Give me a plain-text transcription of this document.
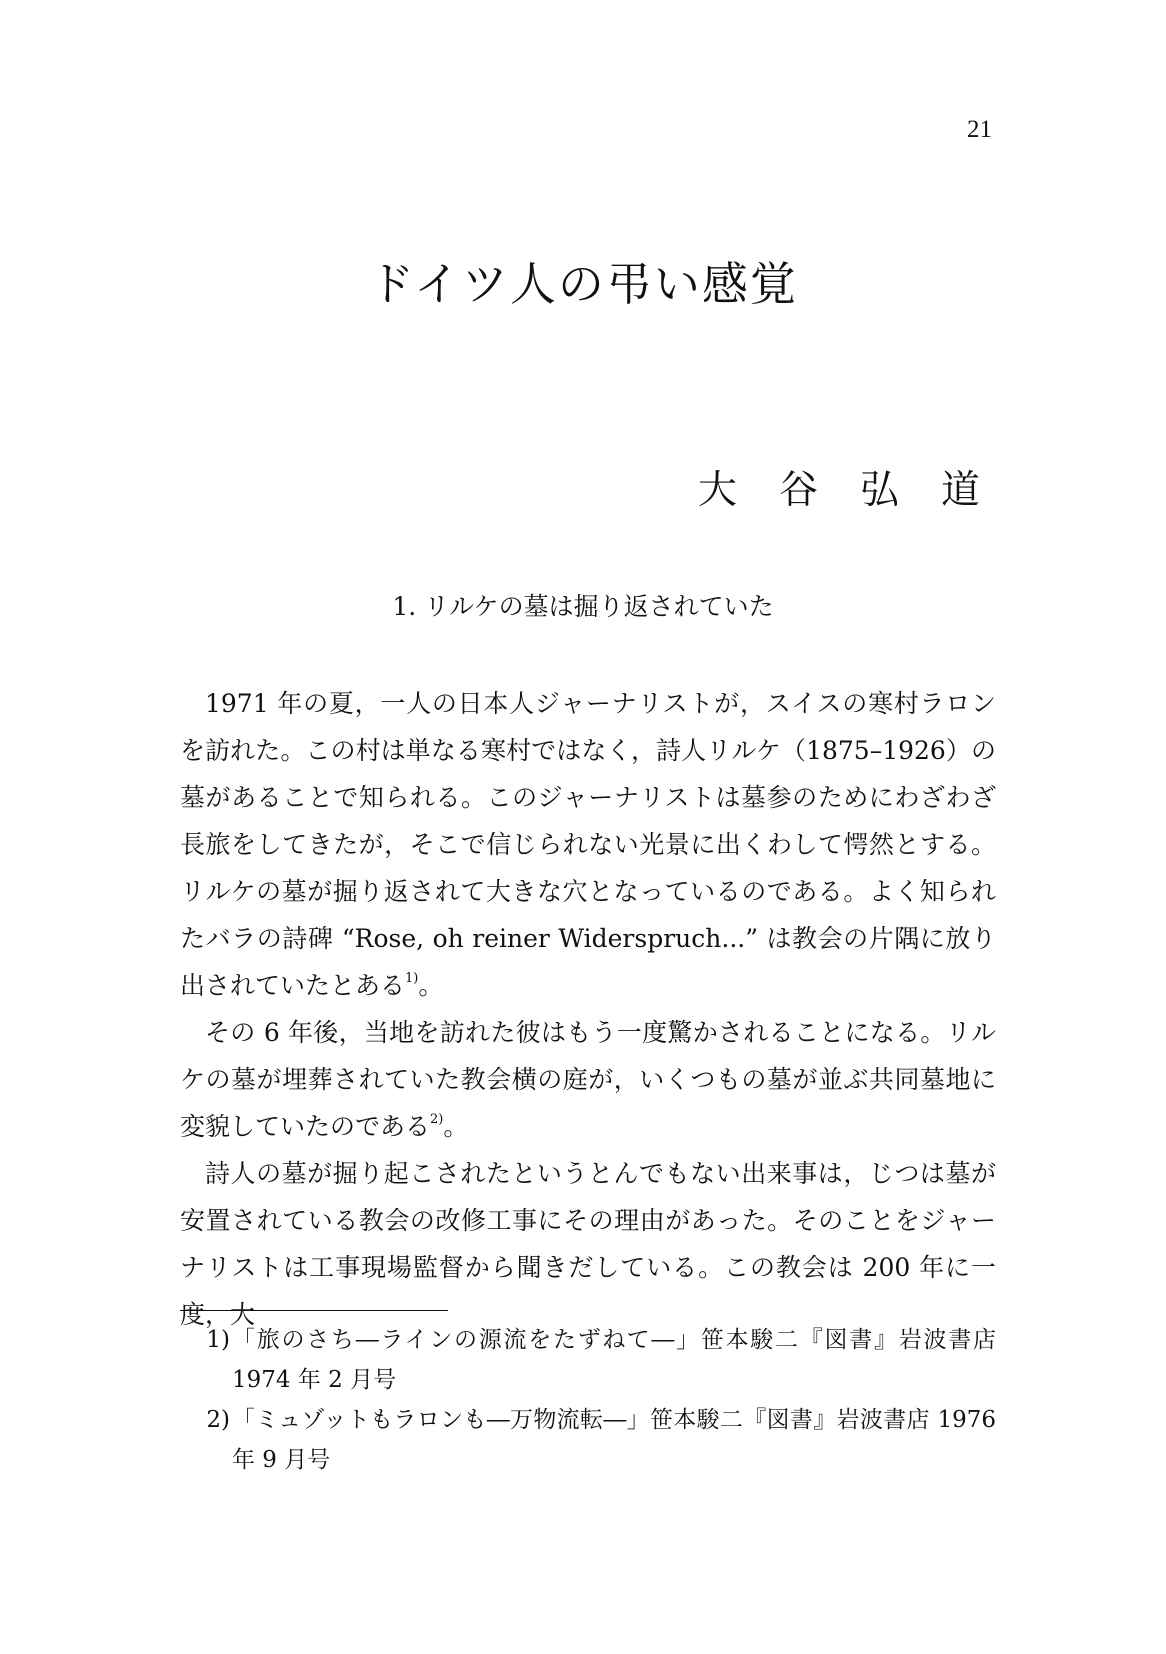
21
ドイツ人の弔い感覚
大谷弘道
1. リルケの墓は掘り返されていた

1971 年の夏，一人の日本人ジャーナリストが，スイスの寒村ラロンを訪れた。この村は単なる寒村ではなく，詩人リルケ（1875–1926）の墓があることで知られる。このジャーナリストは墓参のためにわざわざ長旅をしてきたが，そこで信じられない光景に出くわして愕然とする。リルケの墓が掘り返されて大きな穴となっているのである。よく知られたバラの詩碑 “Rose, oh reiner Widerspruch...” は教会の片隅に放り出されていたとある$^{1)}$。

その 6 年後，当地を訪れた彼はもう一度驚かされることになる。リルケの墓が埋葬されていた教会横の庭が，いくつもの墓が並ぶ共同墓地に変貌していたのである$^{2)}$。

詩人の墓が掘り起こされたというとんでもない出来事は，じつは墓が安置されている教会の改修工事にその理由があった。そのことをジャーナリストは工事現場監督から聞きだしている。この教会は 200 年に一度，大

1) 「旅のさち―ラインの源流をたずねて―」笹本駿二『図書』岩波書店 1974 年 2 月号
2) 「ミュゾットもラロンも―万物流転―」笹本駿二『図書』岩波書店 1976 年 9 月号
